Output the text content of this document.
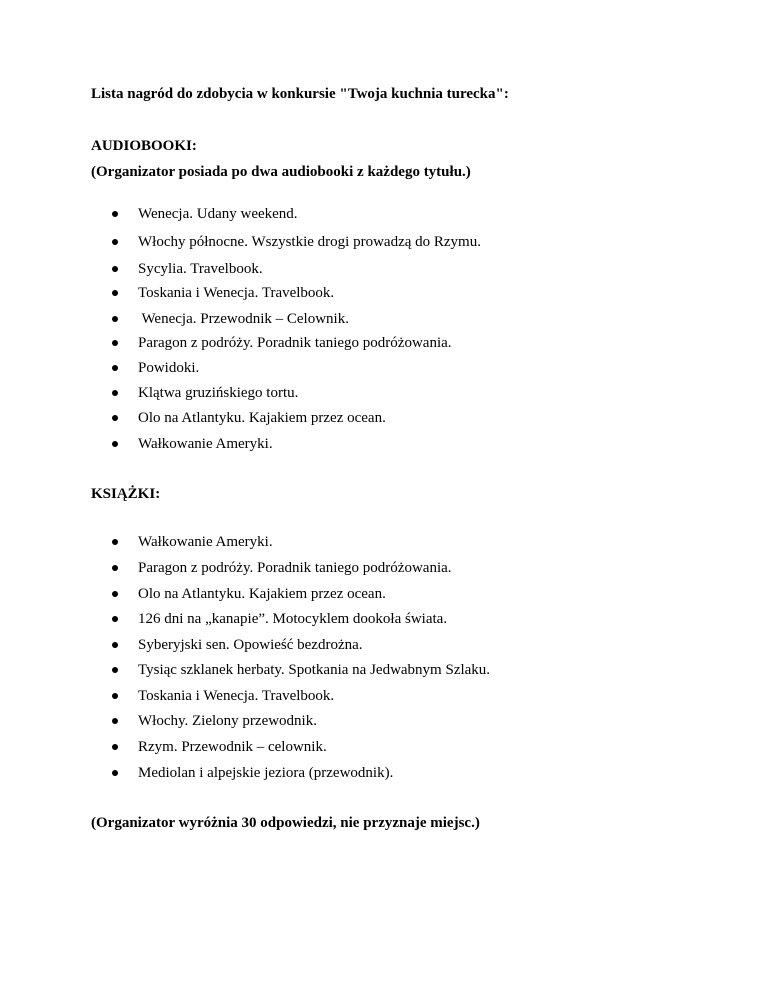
Lista nagród do zdobycia w konkursie "Twoja kuchnia turecka":
AUDIOBOOKI:
(Organizator posiada po dwa audiobooki z każdego tytułu.)
Wenecja. Udany weekend.
Włochy północne. Wszystkie drogi prowadzą do Rzymu.
Sycylia. Travelbook.
Toskania i Wenecja. Travelbook.
Wenecja. Przewodnik – Celownik.
Paragon z podróży. Poradnik taniego podróżowania.
Powidoki.
Klątwa gruzińskiego tortu.
Olo na Atlantyku. Kajakiem przez ocean.
Wałkowanie Ameryki.
KSIĄŻKI:
Wałkowanie Ameryki.
Paragon z podróży. Poradnik taniego podróżowania.
Olo na Atlantyku. Kajakiem przez ocean.
126 dni na „kanapie”. Motocyklem dookoła świata.
Syberyjski sen. Opowieść bezdrożna.
Tysiąc szklanek herbaty. Spotkania na Jedwabnym Szlaku.
Toskania i Wenecja. Travelbook.
Włochy. Zielony przewodnik.
Rzym. Przewodnik – celownik.
Mediolan i alpejskie jeziora (przewodnik).
(Organizator wyróżnia 30 odpowiedzi, nie przyznaje miejsc.)
